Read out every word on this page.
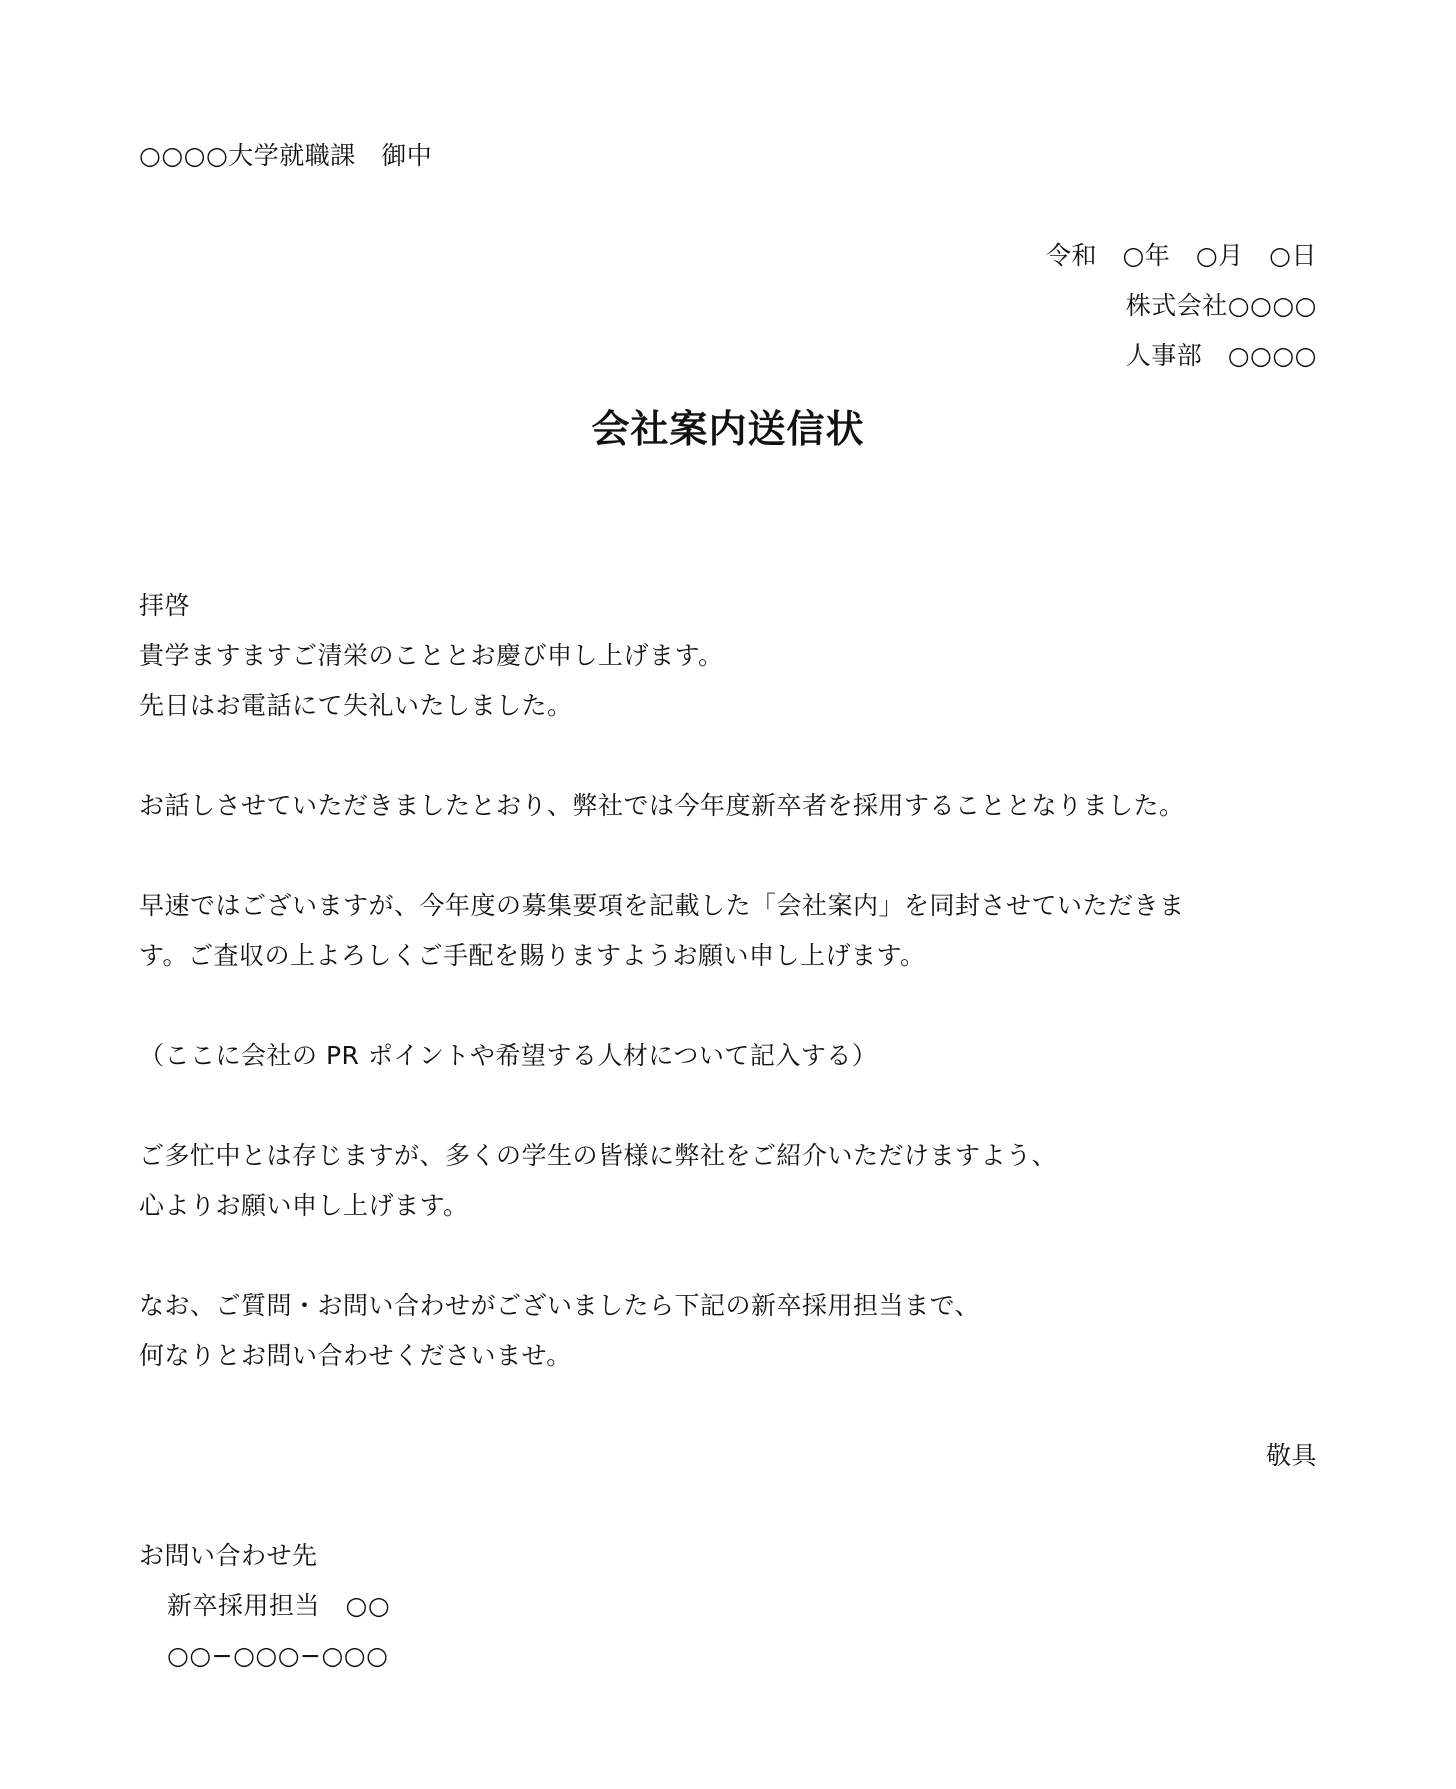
○○○○大学就職課　御中
令和　○年　○月　○日
株式会社○○○○
人事部　○○○○
会社案内送信状
拝啓
貴学ますますご清栄のこととお慶び申し上げます。
先日はお電話にて失礼いたしました。
お話しさせていただきましたとおり、弊社では今年度新卒者を採用することとなりました。
早速ではございますが、今年度の募集要項を記載した「会社案内」を同封させていただきま
す。ご査収の上よろしくご手配を賜りますようお願い申し上げます。
（ここに会社の PR ポイントや希望する人材について記入する）
ご多忙中とは存じますが、多くの学生の皆様に弊社をご紹介いただけますよう、
心よりお願い申し上げます。
なお、ご質問・お問い合わせがございましたら下記の新卒採用担当まで、
何なりとお問い合わせくださいませ。
敬具
お問い合わせ先
新卒採用担当　○○
○○−○○○−○○○
